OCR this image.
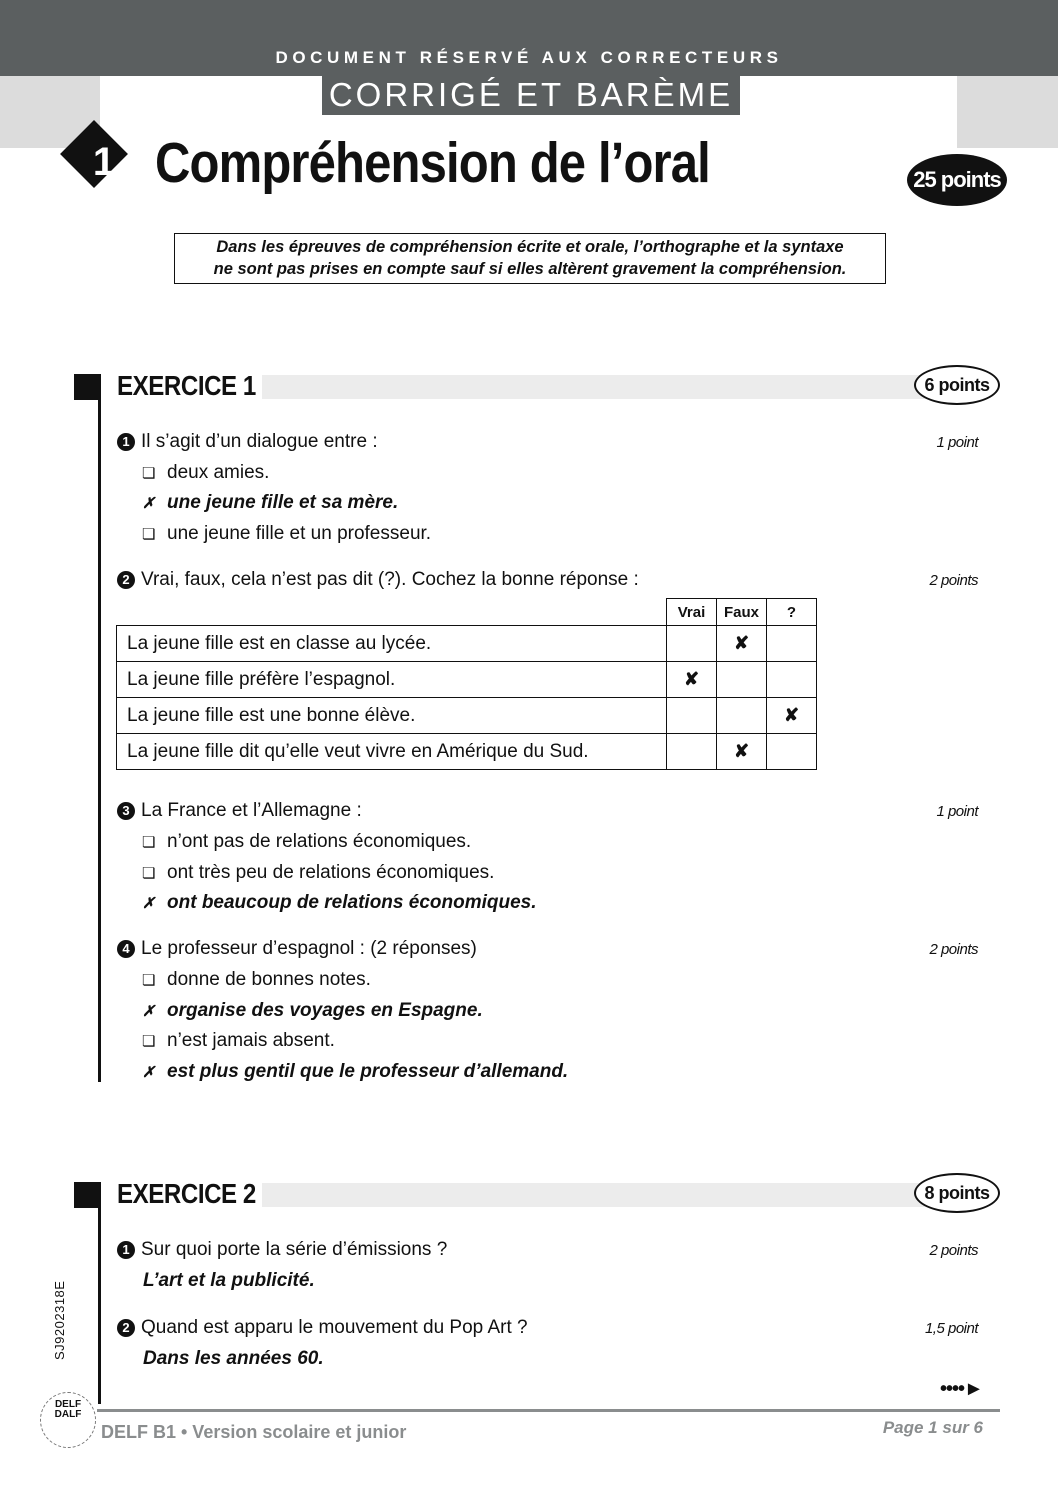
DOCUMENT RÉSERVÉ AUX CORRECTEURS
CORRIGÉ ET BARÈME
1 Compréhension de l’oral	25 points
Dans les épreuves de compréhension écrite et orale, l’orthographe et la syntaxe
ne sont pas prises en compte sauf si elles altèrent gravement la compréhension.
EXERCICE 1	6 points
1 Il s’agit d’un dialogue entre :	1 point
❏ deux amies.
✗ une jeune fille et sa mère.
❏ une jeune fille et un professeur.
2 Vrai, faux, cela n’est pas dit (?). Cochez la bonne réponse :	2 points
	Vrai	Faux	?
La jeune fille est en classe au lycée.		✘	
La jeune fille préfère l’espagnol.	✘		
La jeune fille est une bonne élève.			✘
La jeune fille dit qu’elle veut vivre en Amérique du Sud.		✘	
3 La France et l’Allemagne :	1 point
❏ n’ont pas de relations économiques.
❏ ont très peu de relations économiques.
✗ ont beaucoup de relations économiques.
4 Le professeur d’espagnol : (2 réponses)	2 points
❏ donne de bonnes notes.
✗ organise des voyages en Espagne.
❏ n’est jamais absent.
✗ est plus gentil que le professeur d’allemand.
EXERCICE 2	8 points
1 Sur quoi porte la série d’émissions ?	2 points
L’art et la publicité.
2 Quand est apparu le mouvement du Pop Art ?	1,5 point
Dans les années 60.
••••►
SJ9202318E
DELF DALF
DELF B1 • Version scolaire et junior	Page 1 sur 6
